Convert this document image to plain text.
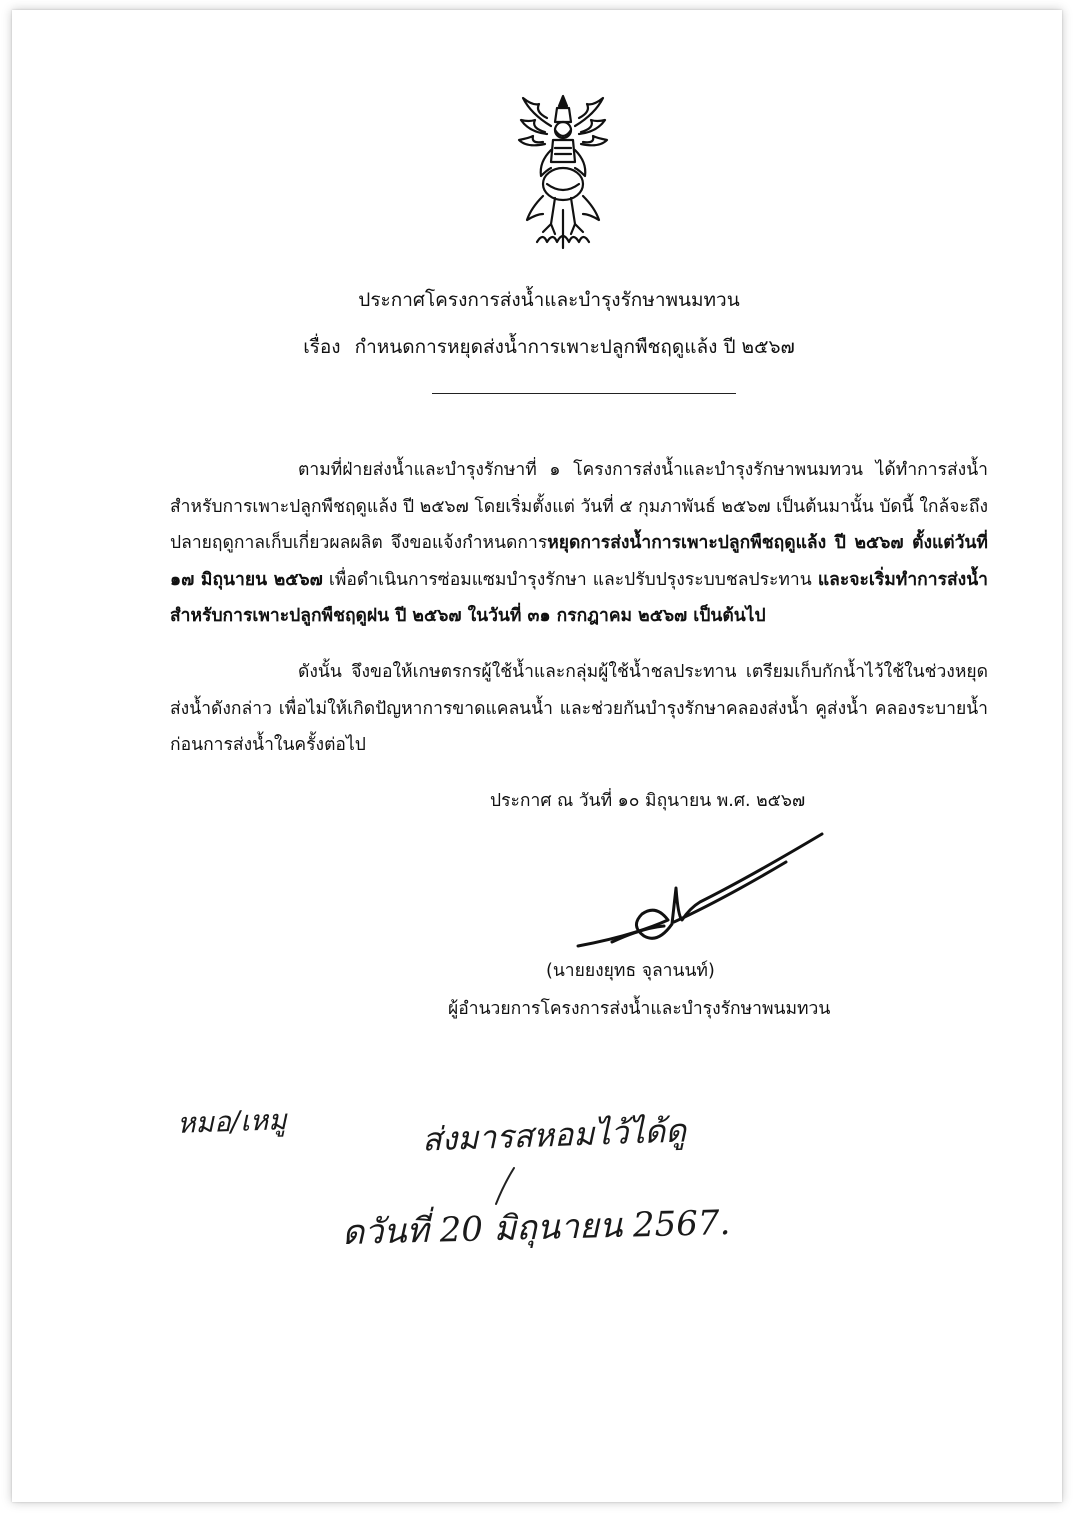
ประกาศโครงการส่งน้ำและบำรุงรักษาพนมทวน
เรื่อง กำหนดการหยุดส่งน้ำการเพาะปลูกพืชฤดูแล้ง ปี ๒๕๖๗
ตามที่ฝ่ายส่งน้ำและบำรุงรักษาที่ ๑ โครงการส่งน้ำและบำรุงรักษาพนมทวน ได้ทำการส่งน้ำสำหรับการเพาะปลูกพืชฤดูแล้ง ปี ๒๕๖๗ โดยเริ่มตั้งแต่ วันที่ ๕ กุมภาพันธ์ ๒๕๖๗ เป็นต้นมานั้น บัดนี้ ใกล้จะถึงปลายฤดูกาลเก็บเกี่ยวผลผลิต จึงขอแจ้งกำหนดการหยุดการส่งน้ำการเพาะปลูกพืชฤดูแล้ง ปี ๒๕๖๗ ตั้งแต่วันที่ ๑๗ มิถุนายน ๒๕๖๗ เพื่อดำเนินการซ่อมแซมบำรุงรักษา และปรับปรุงระบบชลประทาน และจะเริ่มทำการส่งน้ำสำหรับการเพาะปลูกพืชฤดูฝน ปี ๒๕๖๗ ในวันที่ ๓๑ กรกฎาคม ๒๕๖๗ เป็นต้นไป
ดังนั้น จึงขอให้เกษตรกรผู้ใช้น้ำและกลุ่มผู้ใช้น้ำชลประทาน เตรียมเก็บกักน้ำไว้ใช้ในช่วงหยุดส่งน้ำดังกล่าว เพื่อไม่ให้เกิดปัญหาการขาดแคลนน้ำ และช่วยกันบำรุงรักษาคลองส่งน้ำ คูส่งน้ำ คลองระบายน้ำ ก่อนการส่งน้ำในครั้งต่อไป
ประกาศ ณ วันที่ ๑๐ มิถุนายน พ.ศ. ๒๕๖๗
(นายยงยุทธ จุลานนท์)
ผู้อำนวยการโครงการส่งน้ำและบำรุงรักษาพนมทวน
หมอ/เหมู	ส่งมารสหอมไว้ได้ดู
ดวันที่ 20 มิถุนายน 2567.
